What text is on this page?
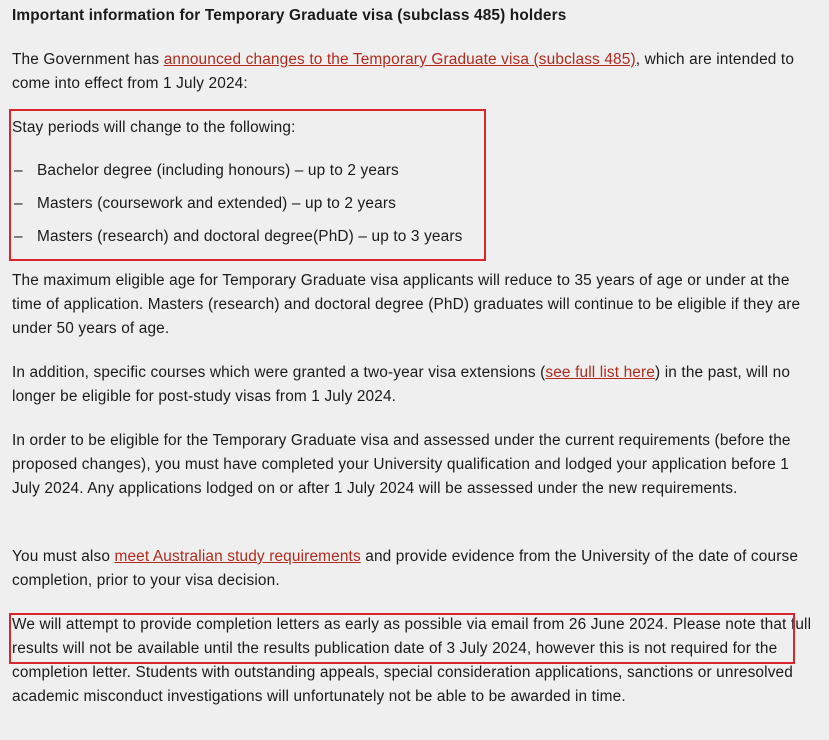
Important information for Temporary Graduate visa (subclass 485) holders

The Government has announced changes to the Temporary Graduate visa (subclass 485), which are intended to come into effect from 1 July 2024:

Stay periods will change to the following:

– Bachelor degree (including honours) – up to 2 years
– Masters (coursework and extended) – up to 2 years
– Masters (research) and doctoral degree(PhD) – up to 3 years

The maximum eligible age for Temporary Graduate visa applicants will reduce to 35 years of age or under at the time of application. Masters (research) and doctoral degree (PhD) graduates will continue to be eligible if they are under 50 years of age.

In addition, specific courses which were granted a two-year visa extensions (see full list here) in the past, will no longer be eligible for post-study visas from 1 July 2024.

In order to be eligible for the Temporary Graduate visa and assessed under the current requirements (before the proposed changes), you must have completed your University qualification and lodged your application before 1 July 2024. Any applications lodged on or after 1 July 2024 will be assessed under the new requirements.

You must also meet Australian study requirements and provide evidence from the University of the date of course completion, prior to your visa decision.

We will attempt to provide completion letters as early as possible via email from 26 June 2024. Please note that full results will not be available until the results publication date of 3 July 2024, however this is not required for the completion letter. Students with outstanding appeals, special consideration applications, sanctions or unresolved academic misconduct investigations will unfortunately not be able to be awarded in time.
